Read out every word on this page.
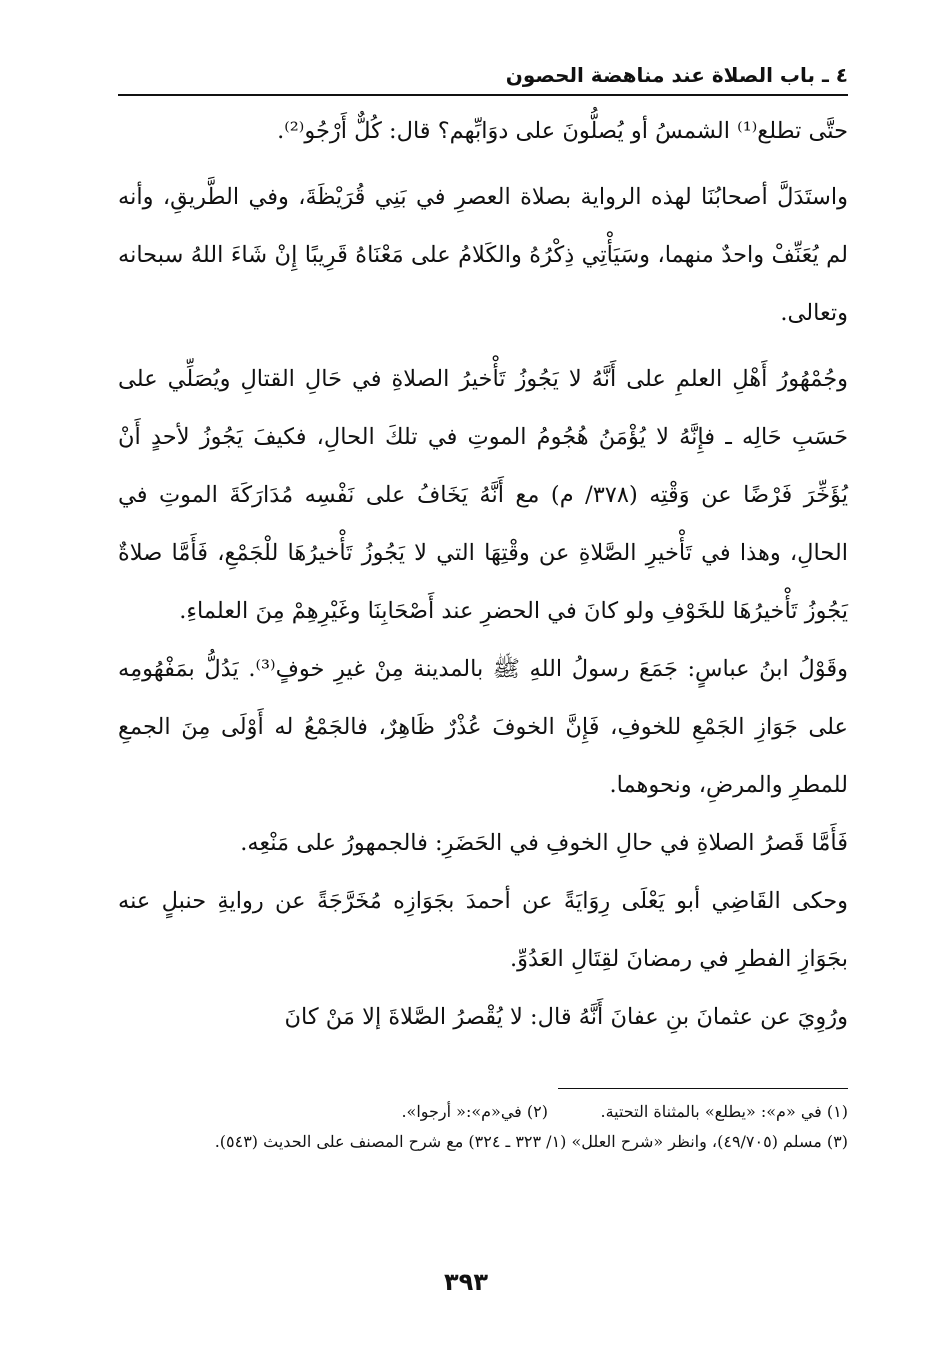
٤ ـ باب الصلاة عند مناهضة الحصون

حتَّى تطلع⁽¹⁾ الشمسُ أو يُصلُّونَ على دوَابِّهم؟ قال: كُلٌّ أَرْجُو⁽²⁾.

واستَدَلَّ أصحابُنَا لهذه الرواية بصلاة العصرِ في بَنِي قُرَيْظَةَ، وفي الطَّريقِ، وأنه لم يُعَنِّفْ واحدٌ منهما، وسَيَأْتِي ذِكْرُهُ والكَلامُ على مَعْنَاهُ قَرِيبًا إِنْ شَاءَ اللهُ سبحانه وتعالى.

وجُمْهُورُ أَهْلِ العلمِ على أَنَّهُ لا يَجُوزُ تَأْخيرُ الصلاةِ في حَالِ القتالِ ويُصَلِّي على حَسَبِ حَالِه ـ فإِنَّهُ لا يُؤْمَنُ هُجُومُ الموتِ في تلكَ الحالِ، فكيفَ يَجُوزُ لأحدٍ أَنْ يُؤَخِّرَ فَرْضًا عن وَقْتِه (٣٧٨/ م) مع أَنَّهُ يَخَافُ على نَفْسِه مُدَارَكَةَ الموتِ في الحالِ، وهذا في تَأْخيرِ الصَّلاةِ عن وقْتِهَا التي لا يَجُوزُ تَأْخيرُهَا للْجَمْعِ، فَأَمَّا صلاةٌ يَجُوزُ تَأْخيرُهَا للخَوْفِ ولو كانَ في الحضرِ عند أَصْحَابِنَا وغَيْرِهِمْ مِنَ العلماءِ.

وقَوْلُ ابنُ عباسٍ: جَمَعَ رسولُ اللهِ ﷺ بالمدينة مِنْ غيرِ خوفٍ⁽³⁾. يَدُلُّ بمَفْهُومِه على جَوَازِ الجَمْعِ للخوفِ، فَإِنَّ الخوفَ عُذْرٌ ظَاهِرٌ، فالجَمْعُ له أَوْلَى مِنَ الجمعِ للمطرِ والمرضِ، ونحوهما.

فَأَمَّا قَصرُ الصلاةِ في حالِ الخوفِ في الحَضَرِ: فالجمهورُ على مَنْعِه.

وحكى القَاضِي أبو يَعْلَى رِوَايَةً عن أحمدَ بجَوَازِه مُخَرَّجَةً عن روايةِ حنبلٍ عنه بجَوَازِ الفطرِ في رمضانَ لقِتَالِ العَدُوِّ.

ورُوِيَ عن عثمانَ بنِ عفانَ أَنَّهُ قال: لا يُقْصرُ الصَّلاةَ إلا مَنْ كانَ

(١) في «م»: «يطلع» بالمثناة التحتية.

(٢) في«م»:« أرجوا».

(٣) مسلم (٤٩/٧٠٥)، وانظر «شرح العلل» (١/ ٣٢٣ ـ ٣٢٤) مع شرح المصنف على الحديث (٥٤٣).

٣٩٣
